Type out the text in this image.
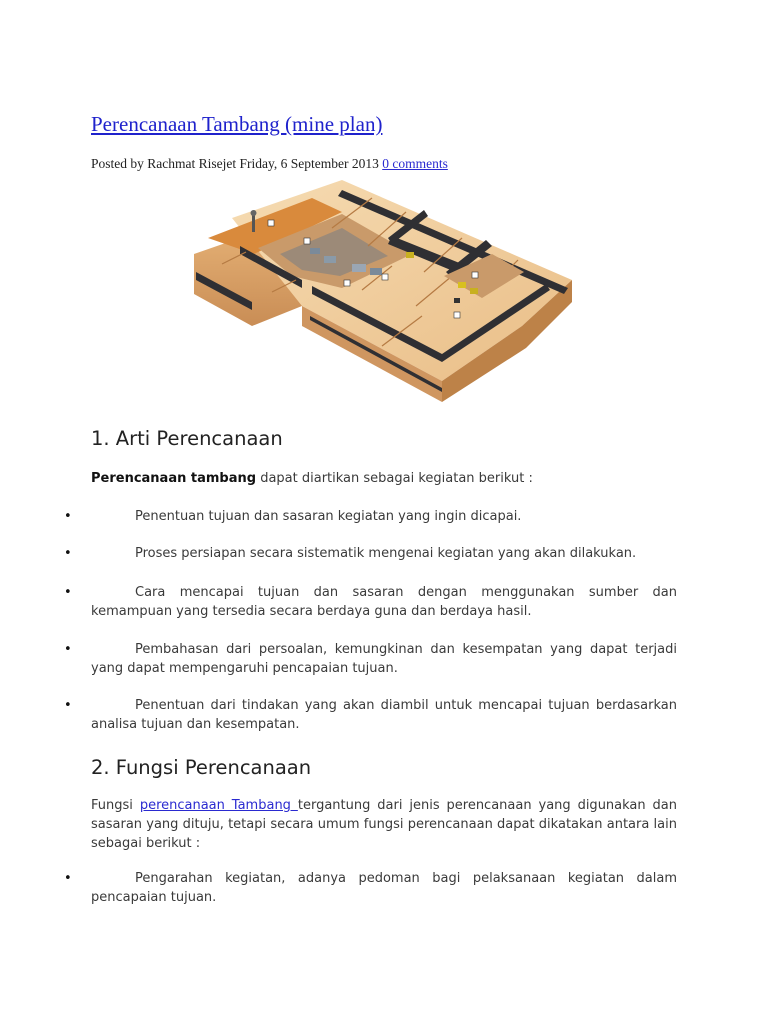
Perencanaan Tambang (mine plan)
Posted by Rachmat Risejet Friday, 6 September 2013 0 comments
1. Arti Perencanaan

Perencanaan tambang dapat diartikan sebagai kegiatan berikut :

•	Penentuan tujuan dan sasaran kegiatan yang ingin dicapai.

•	Proses persiapan secara sistematik mengenai kegiatan yang akan dilakukan.

•	Cara mencapai tujuan dan sasaran dengan menggunakan sumber dan kemampuan yang tersedia secara berdaya guna dan berdaya hasil.

•	Pembahasan dari persoalan, kemungkinan dan kesempatan yang dapat terjadi yang dapat mempengaruhi pencapaian tujuan.

•	Penentuan dari tindakan yang akan diambil untuk mencapai tujuan berdasarkan analisa tujuan dan kesempatan.

2. Fungsi Perencanaan

Fungsi perencanaan Tambang tergantung dari jenis perencanaan yang digunakan dan sasaran yang dituju, tetapi secara umum fungsi perencanaan dapat dikatakan antara lain sebagai berikut :

•	Pengarahan kegiatan, adanya pedoman bagi pelaksanaan kegiatan dalam pencapaian tujuan.
